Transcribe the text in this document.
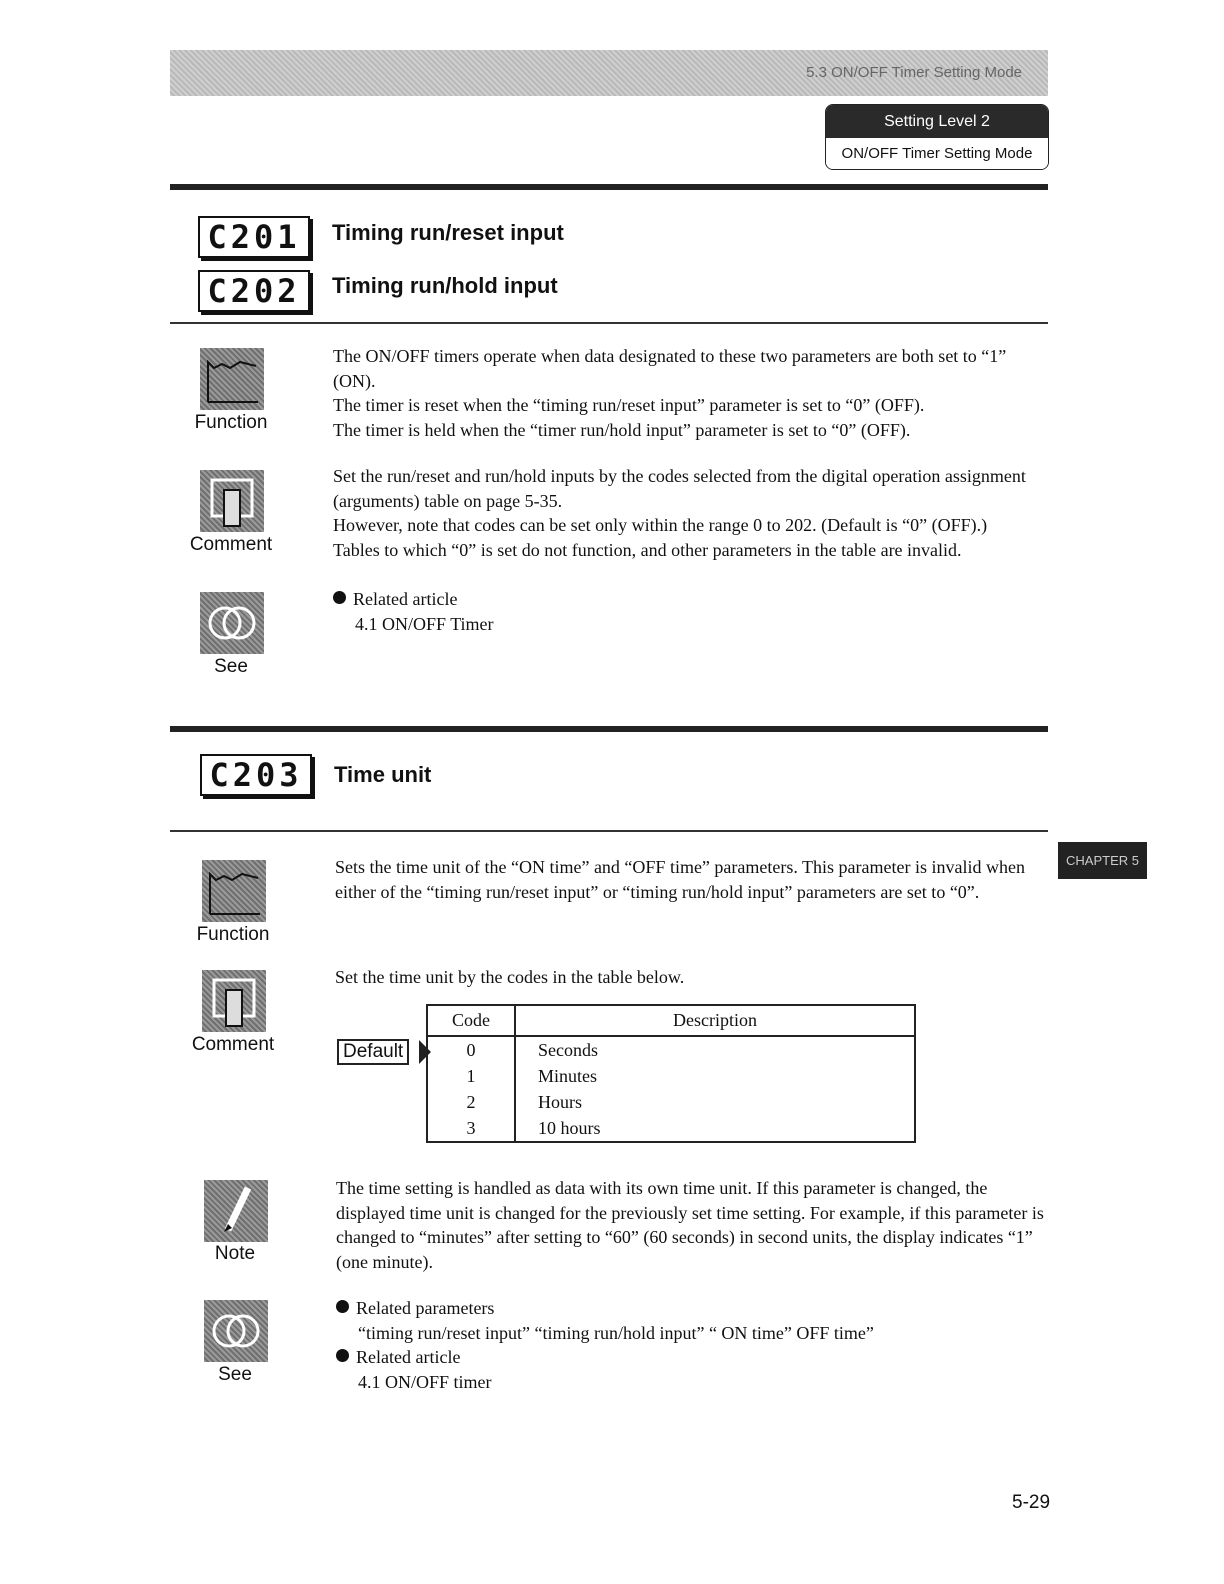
5.3 ON/OFF Timer Setting Mode
Setting Level 2
ON/OFF Timer Setting Mode
C201	Timing run/reset input
C202	Timing run/hold input
Function

The ON/OFF timers operate when data designated to these two parameters are both set to “1” (ON).

The timer is reset when the “timing run/reset input” parameter is set to “0” (OFF).

The timer is held when the “timer run/hold input” parameter is set to “0” (OFF).

Comment

Set the run/reset and run/hold inputs by the codes selected from the digital operation assignment (arguments) table on page 5-35.

However, note that codes can be set only within the range 0 to 202. (Default is “0” (OFF).)

Tables to which “0” is set do not function, and other parameters in the table are invalid.

See

Related article

4.1 ON/OFF Timer

C203	Time unit
Function

Sets the time unit of the “ON time” and “OFF time” parameters. This parameter is invalid when either of the “timing run/reset input” or “timing run/hold input” parameters are set to “0”.

Comment

Set the time unit by the codes in the table below.

Default
Code	Description
0	Seconds
1	Minutes
2	Hours
3	10 hours
Note

The time setting is handled as data with its own time unit. If this parameter is changed, the displayed time unit is changed for the previously set time setting. For example, if this parameter is changed to “minutes” after setting to “60” (60 seconds) in second units, the display indicates “1” (one minute).

See

Related parameters

“timing run/reset input” “timing run/hold input” “ ON time” OFF time”

Related article

4.1 ON/OFF timer

CHAPTER 5
5-29
